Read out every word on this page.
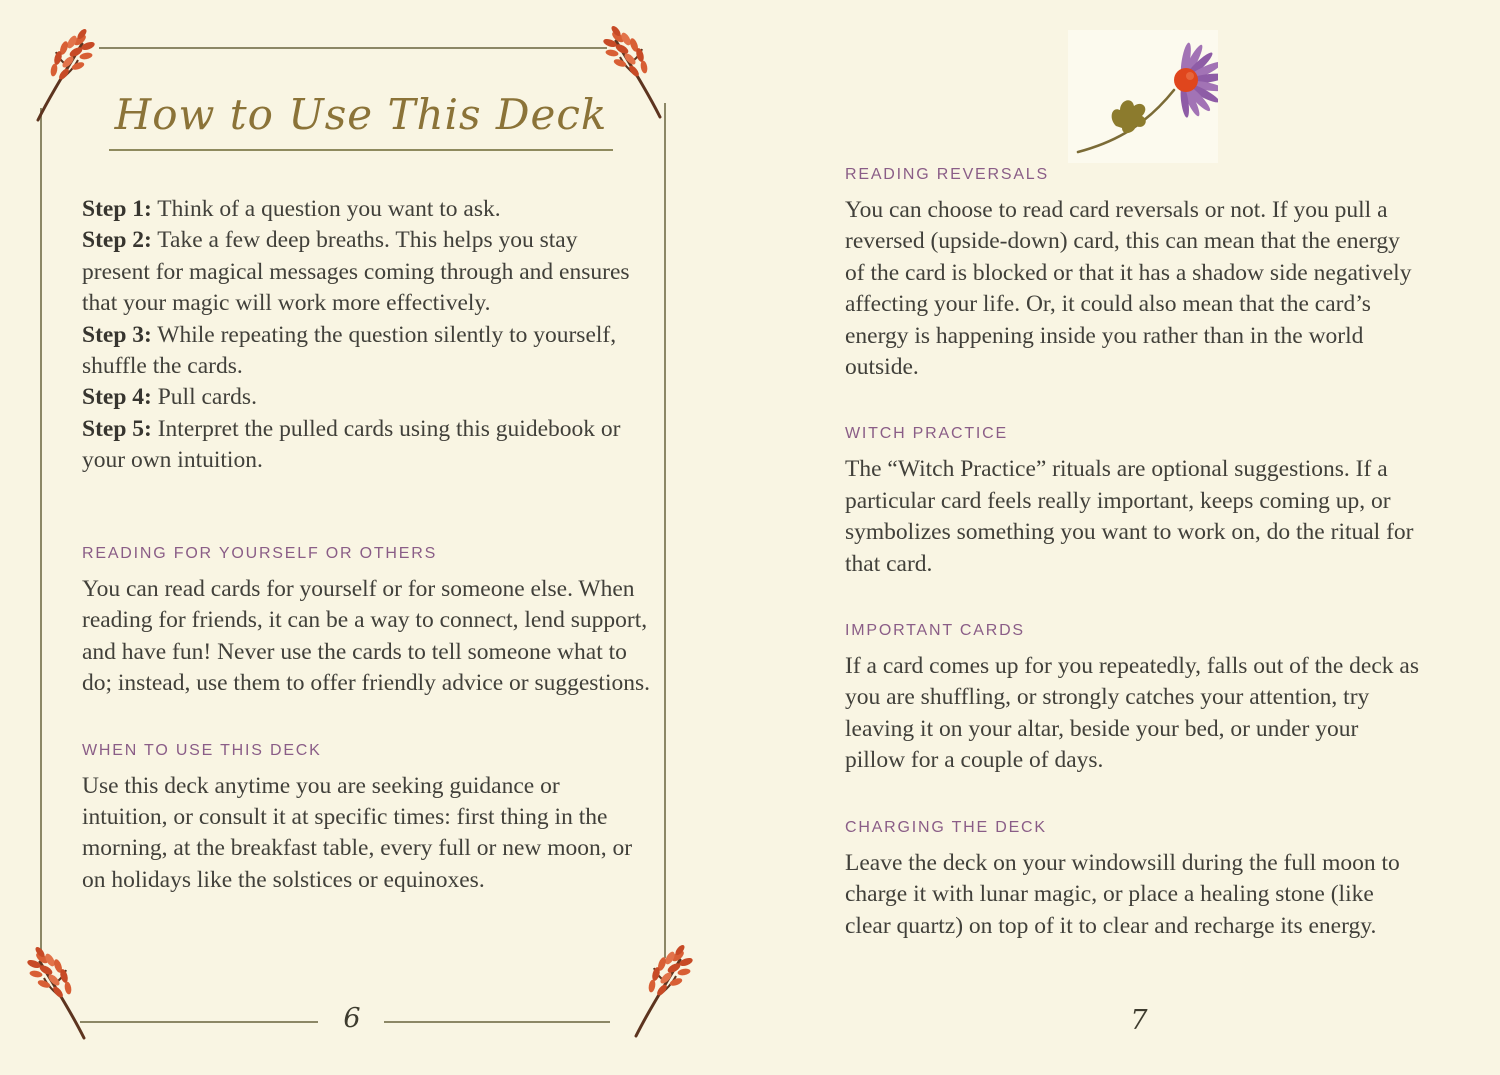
How to Use This Deck

Step 1: Think of a question you want to ask.

Step 2: Take a few deep breaths. This helps you stay present for magical messages coming through and ensures that your magic will work more effectively.

Step 3: While repeating the question silently to yourself, shuffle the cards.

Step 4: Pull cards.

Step 5: Interpret the pulled cards using this guidebook or your own intuition.

READING FOR YOURSELF OR OTHERS

You can read cards for yourself or for someone else. When reading for friends, it can be a way to connect, lend support, and have fun! Never use the cards to tell someone what to do; instead, use them to offer friendly advice or suggestions.

WHEN TO USE THIS DECK

Use this deck anytime you are seeking guidance or intuition, or consult it at specific times: first thing in the morning, at the breakfast table, every full or new moon, or on holidays like the solstices or equinoxes.

6
READING REVERSALS

You can choose to read card reversals or not. If you pull a reversed (upside-down) card, this can mean that the energy of the card is blocked or that it has a shadow side negatively affecting your life. Or, it could also mean that the card’s energy is happening inside you rather than in the world outside.

WITCH PRACTICE

The “Witch Practice” rituals are optional suggestions. If a particular card feels really important, keeps coming up, or symbolizes something you want to work on, do the ritual for that card.

IMPORTANT CARDS

If a card comes up for you repeatedly, falls out of the deck as you are shuffling, or strongly catches your attention, try leaving it on your altar, beside your bed, or under your pillow for a couple of days.

CHARGING THE DECK

Leave the deck on your windowsill during the full moon to charge it with lunar magic, or place a healing stone (like clear quartz) on top of it to clear and recharge its energy.

7
